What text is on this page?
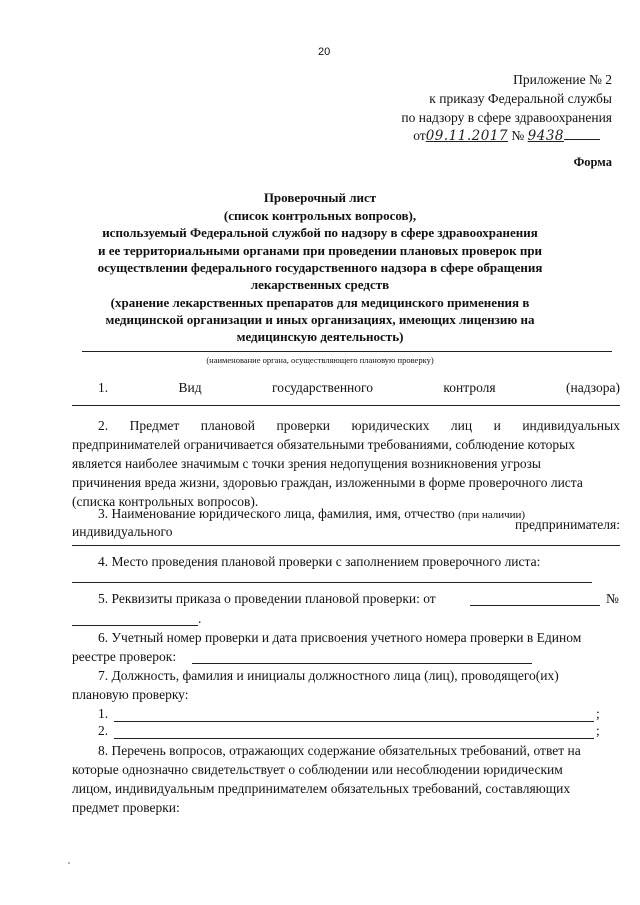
20
Приложение № 2
к приказу Федеральной службы
по надзору в сфере здравоохранения
от09.11.2017 № 9438
Форма
Проверочный лист
(список контрольных вопросов),
используемый Федеральной службой по надзору в сфере здравоохранения
и ее территориальными органами при проведении плановых проверок при
осуществлении федерального государственного надзора в сфере обращения
лекарственных средств
(хранение лекарственных препаратов для медицинского применения в
медицинской организации и иных организациях, имеющих лицензию на
медицинскую деятельность)
(наименование органа, осуществляющего плановую проверку)
1.	Вид	государственного	контроля	(надзора)
2. Предмет плановой проверки юридических лиц и индивидуальных
предпринимателей ограничивается обязательными требованиями, соблюдение которых
является наиболее значимым с точки зрения недопущения возникновения угрозы
причинения вреда жизни, здоровью граждан, изложенными в форме проверочного листа
(списка контрольных вопросов).
3. Наименование юридического лица, фамилия, имя, отчество (при наличии)
индивидуального	предпринимателя:
4. Место проведения плановой проверки с заполнением проверочного листа:
5. Реквизиты приказа о проведении плановой проверки: от	№
.
6. Учетный номер проверки и дата присвоения учетного номера проверки в Едином
реестре проверок:
7. Должность, фамилия и инициалы должностного лица (лиц), проводящего(их)
плановую проверку:
1.	;
2.	;
8. Перечень вопросов, отражающих содержание обязательных требований, ответ на
которые однозначно свидетельствует о соблюдении или несоблюдении юридическим
лицом, индивидуальным предпринимателем обязательных требований, составляющих
предмет проверки:
